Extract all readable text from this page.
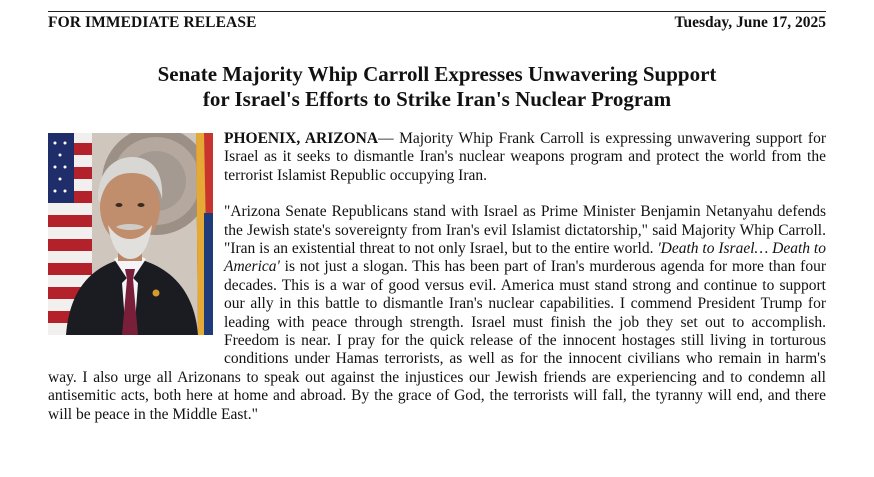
FOR IMMEDIATE RELEASE	Tuesday, June 17, 2025
Senate Majority Whip Carroll Expresses Unwavering Support
for Israel's Efforts to Strike Iran's Nuclear Program

PHOENIX, ARIZONA— Majority Whip Frank Carroll is expressing unwavering support for Israel as it seeks to dismantle Iran's nuclear weapons program and protect the world from the terrorist Islamist Republic occupying Iran.

"Arizona Senate Republicans stand with Israel as Prime Minister Benjamin Netanyahu defends the Jewish state's sovereignty from Iran's evil Islamist dictatorship," said Majority Whip Carroll. "Iran is an existential threat to not only Israel, but to the entire world. 'Death to Israel… Death to America' is not just a slogan. This has been part of Iran's murderous agenda for more than four decades. This is a war of good versus evil. America must stand strong and continue to support our ally in this battle to dismantle Iran's nuclear capabilities. I commend President Trump for leading with peace through strength. Israel must finish the job they set out to accomplish. Freedom is near. I pray for the quick release of the innocent hostages still living in torturous conditions under Hamas terrorists, as well as for the innocent civilians who remain in harm's way. I also urge all Arizonans to speak out against the injustices our Jewish friends are experiencing and to condemn all antisemitic acts, both here at home and abroad. By the grace of God, the terrorists will fall, the tyranny will end, and there will be peace in the Middle East."
